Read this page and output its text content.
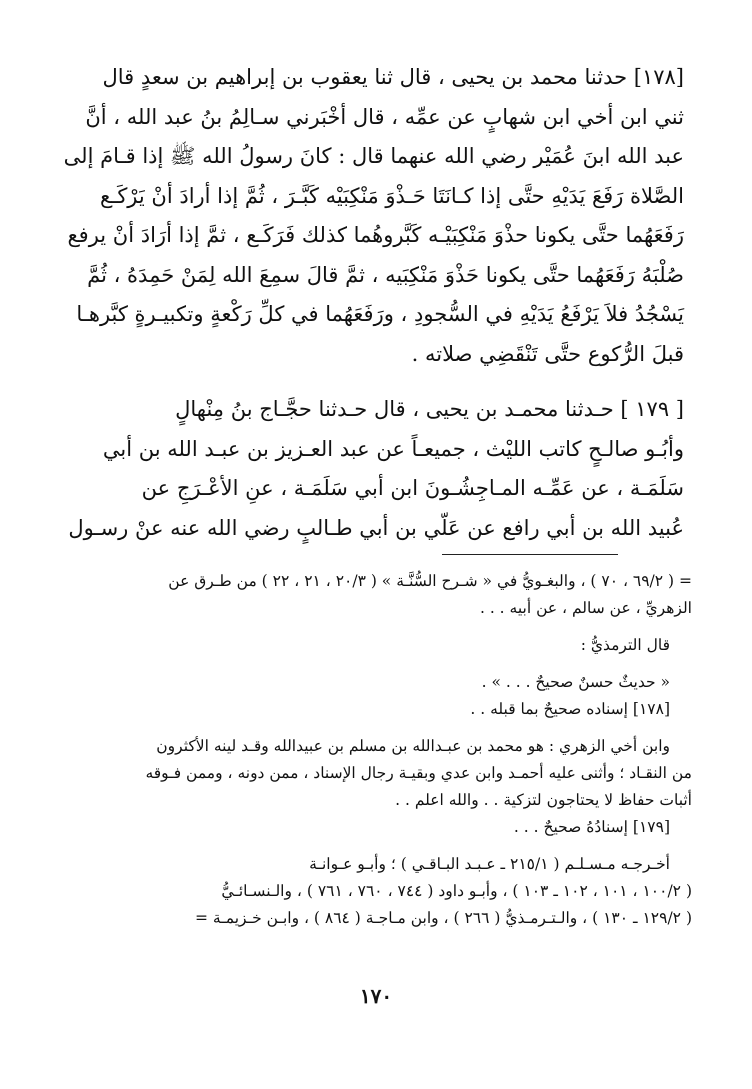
[١٧٨] حدثنا محمد بن يحيى ، قال ثنا يعقوب بن إبراهيم بن سعدٍ قال
ثني ابن أخي ابن شهابٍ عن عمِّه ، قال أخْبَرني سـالِمُ بنُ عبد الله ، أنَّ
عبد الله ابنَ عُمَيْر رضي الله عنهما قال : كانَ رسولُ الله ﷺ إذا قـامَ إلى
الصَّلاة رَفَعَ يَدَيْهِ حتَّى إذا كـانَتَا حَـذْوَ مَنْكِبَيْه كَبَّـرَ ، ثُمَّ إذا أرادَ أنْ يَرْكَـع
رَفَعَهُما حتَّى يكونا حذْوَ مَنْكِبَيْـه كَبَّروهُما كذلك فَرَكَـع ، ثمَّ إذا أرَادَ أنْ يرفع
صُلْبَهُ رَفَعَهُما حتَّى يكونا حَذْوَ مَنْكِبَيه ، ثمَّ قالَ سمِعَ الله لِمَنْ حَمِدَهُ ، ثُمَّ
يَسْجُدُ فلاَ يَرْفَعُ يَدَيْهِ في السُّجودِ ، ورَفَعَهُما في كلِّ رَكْعةٍ وتكبيـرةٍ كبَّرهـا
قبلَ الرُّكوع حتَّى تَنْقَضِي صلاته .

[ ١٧٩ ] حـدثنا محمـد بن يحيى ، قال حـدثنا حجَّـاج بنُ مِنْهالٍ
وأبُـو صالـحٍ كاتب الليْث ، جميعـاً عن عبد العـزيز بن عبـد الله بن أبي
سَلَمَـة ، عن عَمِّـه المـاجِشُـونَ ابن أبي سَلَمَـة ، عنِ الأعْـرَجِ عن
عُبيد الله بن أبي رافع عن عَلّي بن أبي طـالبٍ رضي الله عنه عنْ رسـول

= ( ٦٩/٢ ، ٧٠ ) ، والبغـويُّ في « شـرح السُّنَّـة » ( ٢٠/٣ ، ٢١ ، ٢٢ ) من طـرق عن
الزهريِّ ، عن سالم ، عن أبيه . . .

قال الترمذيُّ :

« حديثٌ حسنٌ صحيحٌ . . . » .

[١٧٨] إسناده صحيحٌ بما قبله . .

وابن أخي الزهري : هو محمد بن عبـدالله بن مسلم بن عبيدالله وقـد لينه الأكثرون
من النقـاد ؛ وأثنى عليه أحمـد وابن عدي وبقيـة رجال الإسناد ، ممن دونه ، وممن فـوقه
أثبات حفاظ لا يحتاجون لتزكية . . والله اعلم . .

[١٧٩] إسنادُهُ صحيحٌ . . .

أخـرجـه مـسـلـم ( ٢١٥/١ ـ عـبـد البـاقـي ) ؛ وأبـو عـوانـة
( ١٠٠/٢ ، ١٠١ ، ١٠٢ ـ ١٠٣ ) ، وأبـو داود ( ٧٤٤ ، ٧٦٠ ، ٧٦١ ) ، والـنسـائـيُّ
( ١٢٩/٢ ـ ١٣٠ ) ، والـتـرمـذيُّ ( ٢٦٦ ) ، وابن مـاجـة ( ٨٦٤ ) ، وابـن خـزيمـة =

١٧٠
